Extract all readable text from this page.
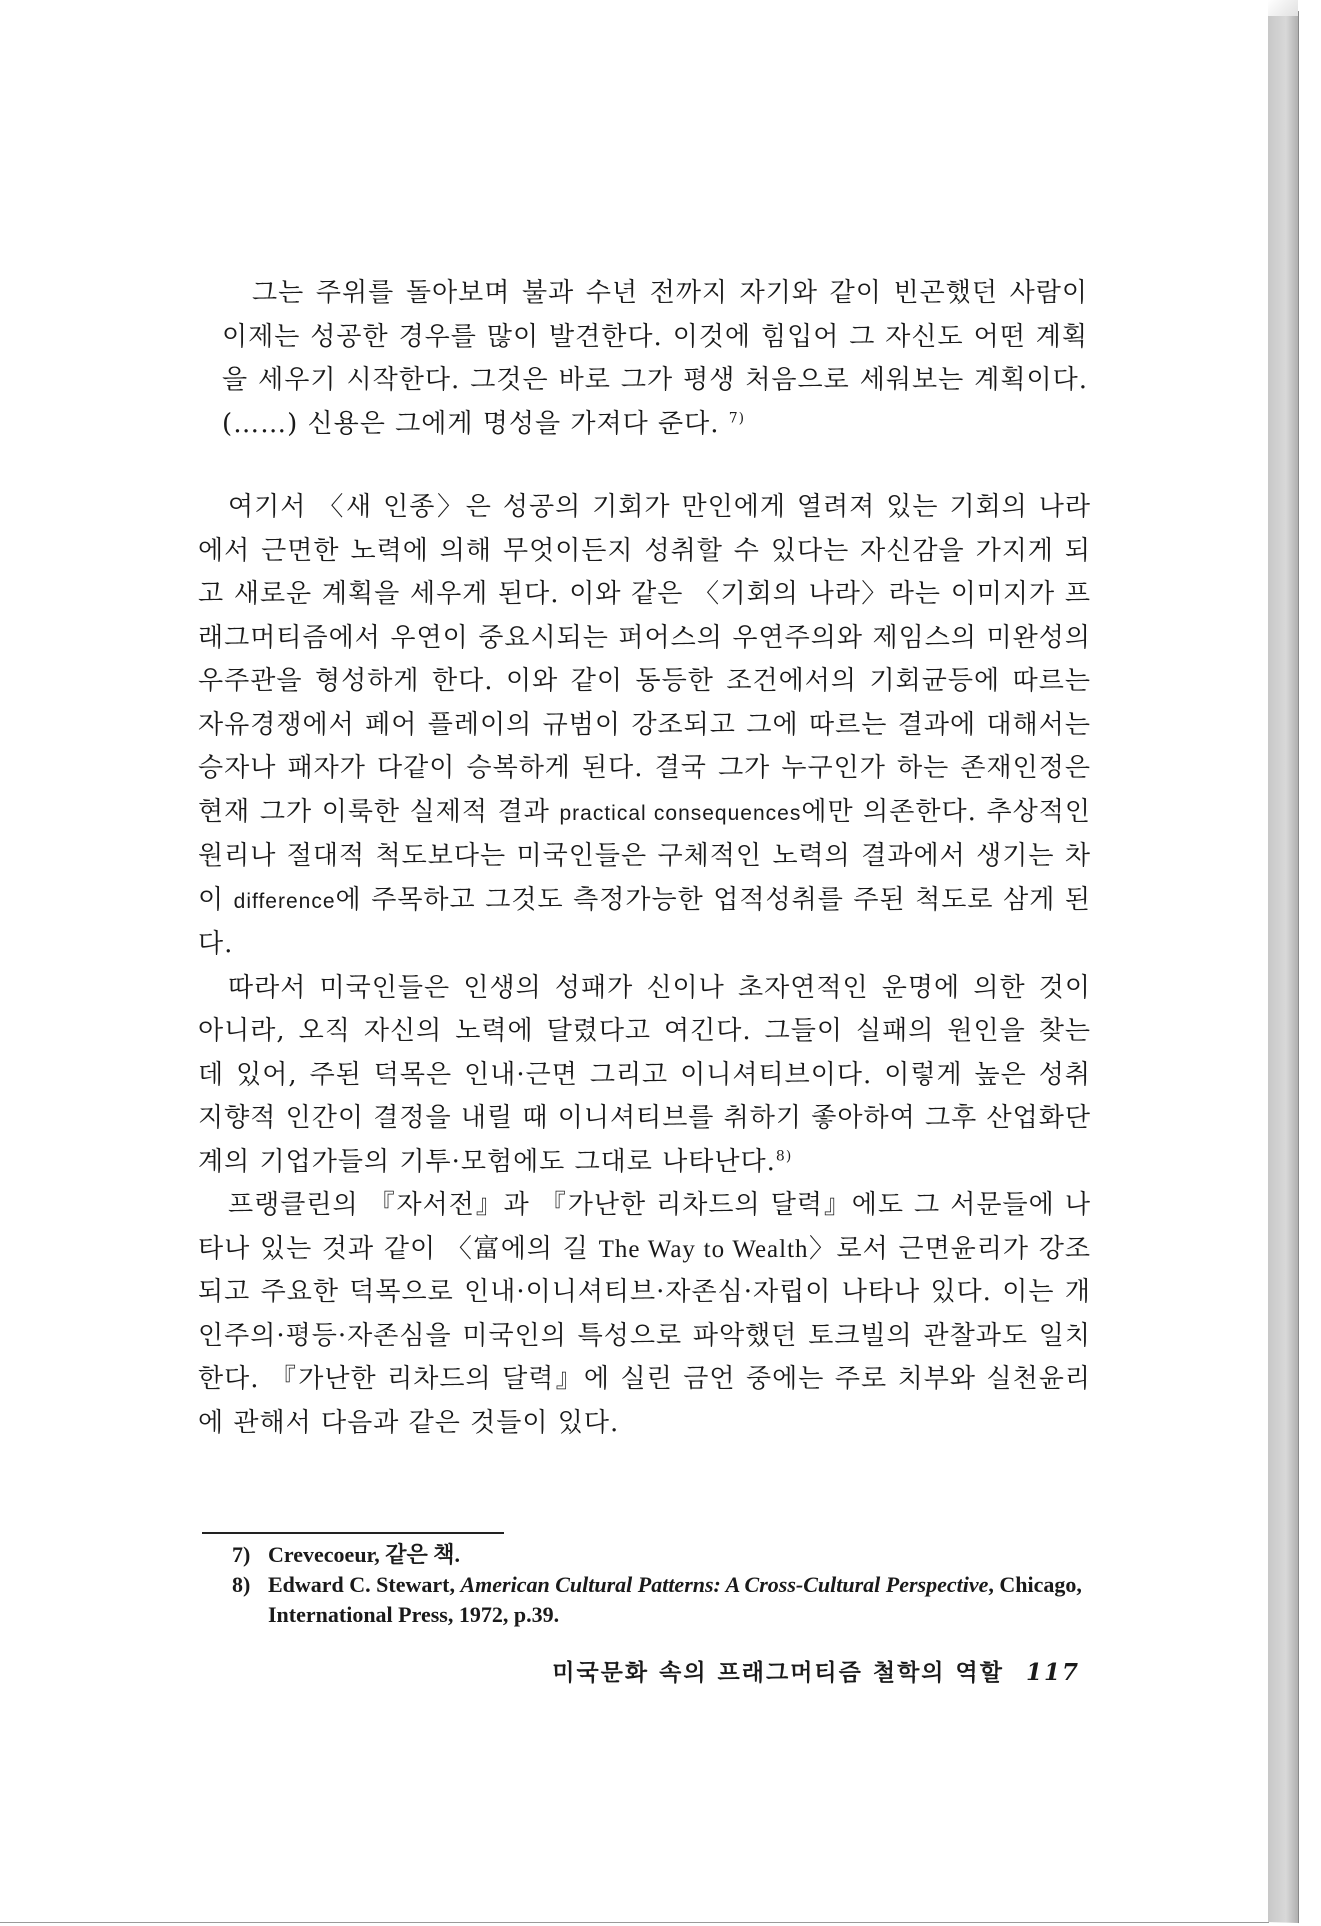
그는 주위를 돌아보며 불과 수년 전까지 자기와 같이 빈곤했던 사람이 이제는 성공한 경우를 많이 발견한다. 이것에 힘입어 그 자신도 어떤 계획을 세우기 시작한다. 그것은 바로 그가 평생 처음으로 세워보는 계획이다. (……) 신용은 그에게 명성을 가져다 준다. $^{7)}$

여기서 〈새 인종〉은 성공의 기회가 만인에게 열려져 있는 기회의 나라에서 근면한 노력에 의해 무엇이든지 성취할 수 있다는 자신감을 가지게 되고 새로운 계획을 세우게 된다. 이와 같은 〈기회의 나라〉라는 이미지가 프래그머티즘에서 우연이 중요시되는 퍼어스의 우연주의와 제임스의 미완성의 우주관을 형성하게 한다. 이와 같이 동등한 조건에서의 기회균등에 따르는 자유경쟁에서 페어 플레이의 규범이 강조되고 그에 따르는 결과에 대해서는 승자나 패자가 다같이 승복하게 된다. 결국 그가 누구인가 하는 존재인정은 현재 그가 이룩한 실제적 결과 practical consequences에만 의존한다. 추상적인 원리나 절대적 척도보다는 미국인들은 구체적인 노력의 결과에서 생기는 차이 difference에 주목하고 그것도 측정가능한 업적성취를 주된 척도로 삼게 된다.

따라서 미국인들은 인생의 성패가 신이나 초자연적인 운명에 의한 것이 아니라, 오직 자신의 노력에 달렸다고 여긴다. 그들이 실패의 원인을 찾는 데 있어, 주된 덕목은 인내·근면 그리고 이니셔티브이다. 이렇게 높은 성취지향적 인간이 결정을 내릴 때 이니셔티브를 취하기 좋아하여 그후 산업화단계의 기업가들의 기투·모험에도 그대로 나타난다.$^{8)}$

프랭클린의 『자서전』과 『가난한 리차드의 달력』에도 그 서문들에 나타나 있는 것과 같이 〈富에의 길 The Way to Wealth〉로서 근면윤리가 강조되고 주요한 덕목으로 인내·이니셔티브·자존심·자립이 나타나 있다. 이는 개인주의·평등·자존심을 미국인의 특성으로 파악했던 토크빌의 관찰과도 일치한다. 『가난한 리차드의 달력』에 실린 금언 중에는 주로 치부와 실천윤리에 관해서 다음과 같은 것들이 있다.

7) Crevecoeur, 같은 책.
8) Edward C. Stewart, American Cultural Patterns: A Cross-Cultural Perspective, Chicago, International Press, 1972, p.39.
미국문화 속의 프래그머티즘 철학의 역할 117
